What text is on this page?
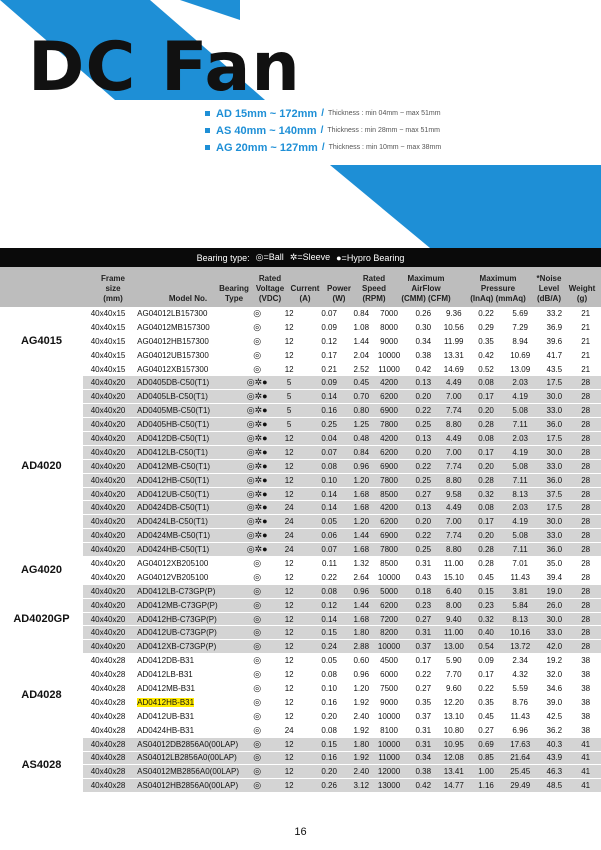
DC Fan
AD 15mm ~ 172mm / Thickness : min 04mm ~ max 51mm
AS 40mm ~ 140mm / Thickness : min 28mm ~ max 51mm
AG 20mm ~ 127mm / Thickness : min 10mm ~ max 38mm
Bearing type: ◎=Ball ✲=Sleeve ●=Hypro Bearing
Frame
size
(mm)	Model No.
Bearing
Type
Rated
Voltage
(VDC)
Current
(A)
Power
(W)
Rated
Speed
(RPM)
Maximum
AirFlow
(CMM) (CFM)
Maximum
Pressure
(InAq) (mmAq)
*Noise
Level
(dB/A)
Weight
(g)
AG4015	40x40x15	AG04012LB157300	◎	12	0.07	0.84	7000	0.26	9.36	0.22	5.69	33.2	21
	40x40x15	AG04012MB157300	◎	12	0.09	1.08	8000	0.30	10.56	0.29	7.29	36.9	21
	40x40x15	AG04012HB157300	◎	12	0.12	1.44	9000	0.34	11.99	0.35	8.94	39.6	21
	40x40x15	AG04012UB157300	◎	12	0.17	2.04	10000	0.38	13.31	0.42	10.69	41.7	21
	40x40x15	AG04012XB157300	◎	12	0.21	2.52	11000	0.42	14.69	0.52	13.09	43.5	21
AD4020	40x40x20	AD0405DB-C50(T1)	◎✲●	5	0.09	0.45	4200	0.13	4.49	0.08	2.03	17.5	28
	40x40x20	AD0405LB-C50(T1)	◎✲●	5	0.14	0.70	6200	0.20	7.00	0.17	4.19	30.0	28
	40x40x20	AD0405MB-C50(T1)	◎✲●	5	0.16	0.80	6900	0.22	7.74	0.20	5.08	33.0	28
	40x40x20	AD0405HB-C50(T1)	◎✲●	5	0.25	1.25	7800	0.25	8.80	0.28	7.11	36.0	28
	40x40x20	AD0412DB-C50(T1)	◎✲●	12	0.04	0.48	4200	0.13	4.49	0.08	2.03	17.5	28
	40x40x20	AD0412LB-C50(T1)	◎✲●	12	0.07	0.84	6200	0.20	7.00	0.17	4.19	30.0	28
	40x40x20	AD0412MB-C50(T1)	◎✲●	12	0.08	0.96	6900	0.22	7.74	0.20	5.08	33.0	28
	40x40x20	AD0412HB-C50(T1)	◎✲●	12	0.10	1.20	7800	0.25	8.80	0.28	7.11	36.0	28
	40x40x20	AD0412UB-C50(T1)	◎✲●	12	0.14	1.68	8500	0.27	9.58	0.32	8.13	37.5	28
	40x40x20	AD0424DB-C50(T1)	◎✲●	24	0.14	1.68	4200	0.13	4.49	0.08	2.03	17.5	28
	40x40x20	AD0424LB-C50(T1)	◎✲●	24	0.05	1.20	6200	0.20	7.00	0.17	4.19	30.0	28
	40x40x20	AD0424MB-C50(T1)	◎✲●	24	0.06	1.44	6900	0.22	7.74	0.20	5.08	33.0	28
	40x40x20	AD0424HB-C50(T1)	◎✲●	24	0.07	1.68	7800	0.25	8.80	0.28	7.11	36.0	28
AG4020	40x40x20	AG04012XB205100	◎	12	0.11	1.32	8500	0.31	11.00	0.28	7.01	35.0	28
	40x40x20	AG04012VB205100	◎	12	0.22	2.64	10000	0.43	15.10	0.45	11.43	39.4	28
AD4020GP	40x40x20	AD0412LB-C73GP(P)	◎	12	0.08	0.96	5000	0.18	6.40	0.15	3.81	19.0	28
	40x40x20	AD0412MB-C73GP(P)	◎	12	0.12	1.44	6200	0.23	8.00	0.23	5.84	26.0	28
	40x40x20	AD0412HB-C73GP(P)	◎	12	0.14	1.68	7200	0.27	9.40	0.32	8.13	30.0	28
	40x40x20	AD0412UB-C73GP(P)	◎	12	0.15	1.80	8200	0.31	11.00	0.40	10.16	33.0	28
	40x40x20	AD0412XB-C73GP(P)	◎	12	0.24	2.88	10000	0.37	13.00	0.54	13.72	42.0	28
AD4028	40x40x28	AD0412DB-B31	◎	12	0.05	0.60	4500	0.17	5.90	0.09	2.34	19.2	38
	40x40x28	AD0412LB-B31	◎	12	0.08	0.96	6000	0.22	7.70	0.17	4.32	32.0	38
	40x40x28	AD0412MB-B31	◎	12	0.10	1.20	7500	0.27	9.60	0.22	5.59	34.6	38
	40x40x28	AD0412HB-B31	◎	12	0.16	1.92	9000	0.35	12.20	0.35	8.76	39.0	38
	40x40x28	AD0412UB-B31	◎	12	0.20	2.40	10000	0.37	13.10	0.45	11.43	42.5	38
	40x40x28	AD0424HB-B31	◎	24	0.08	1.92	8100	0.31	10.80	0.27	6.96	36.2	38
AS4028	40x40x28	AS04012DB2856A0(00LAP)	◎	12	0.15	1.80	10000	0.31	10.95	0.69	17.63	40.3	41
	40x40x28	AS04012LB2856A0(00LAP)	◎	12	0.16	1.92	11000	0.34	12.08	0.85	21.64	43.9	41
	40x40x28	AS04012MB2856A0(00LAP)	◎	12	0.20	2.40	12000	0.38	13.41	1.00	25.45	46.3	41
	40x40x28	AS04012HB2856A0(00LAP)	◎	12	0.26	3.12	13000	0.42	14.77	1.16	29.49	48.5	41
16
